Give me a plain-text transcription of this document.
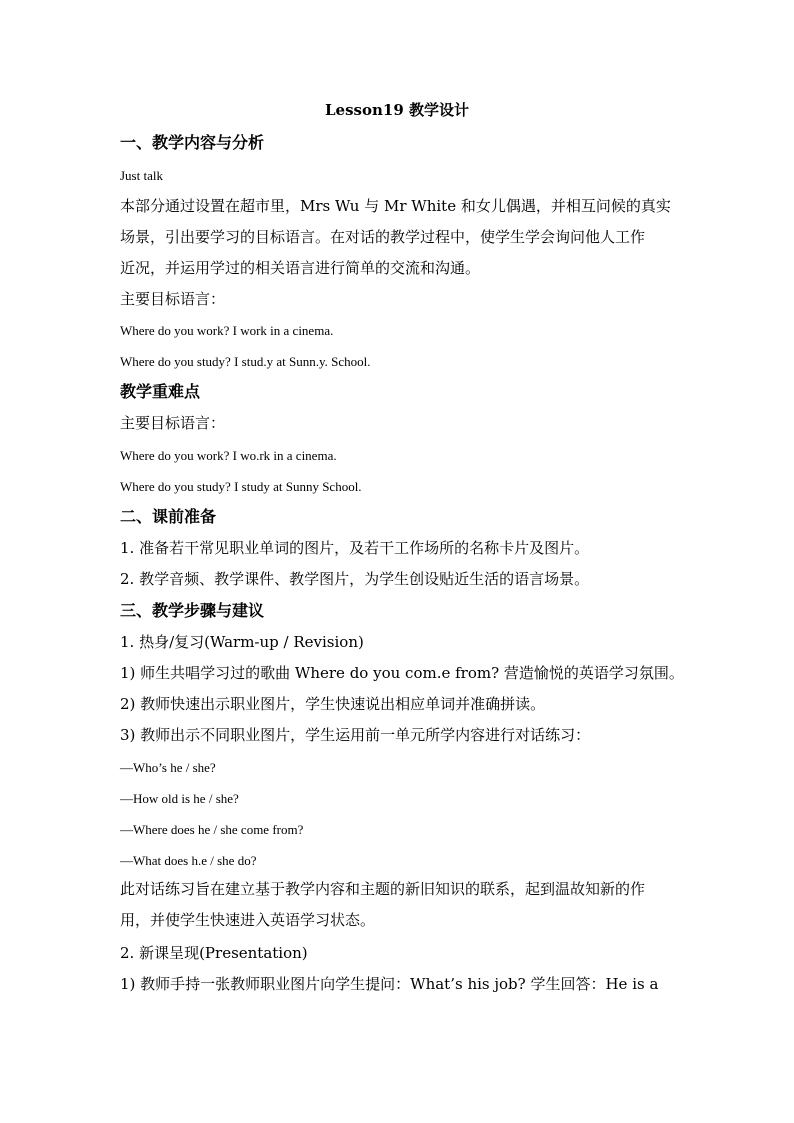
Lesson19 教学设计
一、教学内容与分析
Just talk
本部分通过设置在超市里，Mrs Wu 与 Mr White 和女儿偶遇，并相互问候的真实
场景，引出要学习的目标语言。在对话的教学过程中，使学生学会询问他人工作
近况，并运用学过的相关语言进行简单的交流和沟通。
主要目标语言：
Where do you work? I work in a cinema.
Where do you study? I stud.y at Sunn.y. School.
教学重难点
主要目标语言：
Where do you work? I wo.rk in a cinema.
Where do you study? I study at Sunny School.
二、课前准备
1. 准备若干常见职业单词的图片，及若干工作场所的名称卡片及图片。
2. 教学音频、教学课件、教学图片，为学生创设贴近生活的语言场景。
三、教学步骤与建议
1. 热身/复习(Warm-up / Revision)
1) 师生共唱学习过的歌曲 Where do you com.e from? 营造愉悦的英语学习氛围。
2) 教师快速出示职业图片，学生快速说出相应单词并准确拼读。
3) 教师出示不同职业图片，学生运用前一单元所学内容进行对话练习：
—Who’s he / she?
—How old is he / she?
—Where does he / she come from?
—What does h.e / she do?
此对话练习旨在建立基于教学内容和主题的新旧知识的联系，起到温故知新的作
用，并使学生快速进入英语学习状态。
2. 新课呈现(Presentation)
1) 教师手持一张教师职业图片向学生提问：What’s his job? 学生回答：He is a
